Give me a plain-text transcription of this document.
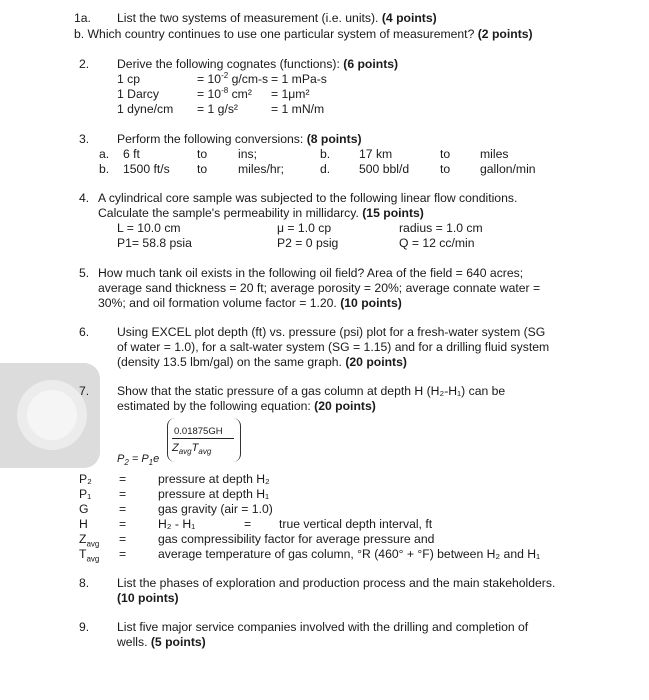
1a. List the two systems of measurement (i.e. units). (4 points)
b. Which country continues to use one particular system of measurement? (2 points)
2. Derive the following cognates (functions): (6 points)
1 cp	= $10^{-2}$ g/cm-s = 1 mPa-s
1 Darcy	= $10^{-8}$ cm² = 1μm²
1 dyne/cm = 1 g/s²	= 1 mN/m
3. Perform the following conversions: (8 points)
a. 6 ft	to	ins;	b. 17 km	to miles
b. 1500 ft/s to	miles/hr;	d. 500 bbl/d	to gallon/min
4. A cylindrical core sample was subjected to the following linear flow conditions.
Calculate the sample's permeability in millidarcy. (15 points)
L = 10.0 cm	μ = 1.0 cp	radius = 1.0 cm
P1= 58.8 psia	P2 = 0 psig	Q = 12 cc/min
5. How much tank oil exists in the following oil field? Area of the field = 640 acres;
average sand thickness = 20 ft; average porosity = 20%; average connate water =
30%; and oil formation volume factor = 1.20. (10 points)
6. Using EXCEL plot depth (ft) vs. pressure (psi) plot for a fresh-water system (SG
of water = 1.0), for a salt-water system (SG = 1.15) and for a drilling fluid system
(density 13.5 lbm/gal) on the same graph. (20 points)
7. Show that the static pressure of a gas column at depth H (H₂-H₁) can be
estimated by the following equation: (20 points)
0.01875GH
$Z_{avg}T_{avg}$
$P_2 = P_1e$
P₂ =	pressure at depth H₂
P₁ =	pressure at depth H₁
G	=	gas gravity (air = 1.0)
H	=	H₂ - H₁	= true vertical depth interval, ft
$Z_{avg}$ =	gas compressibility factor for average pressure and
$T_{avg}$ =	average temperature of gas column, °R (460° + °F) between H₂ and H₁
8. List the phases of exploration and production process and the main stakeholders.
(10 points)
9. List five major service companies involved with the drilling and completion of
wells. (5 points)
